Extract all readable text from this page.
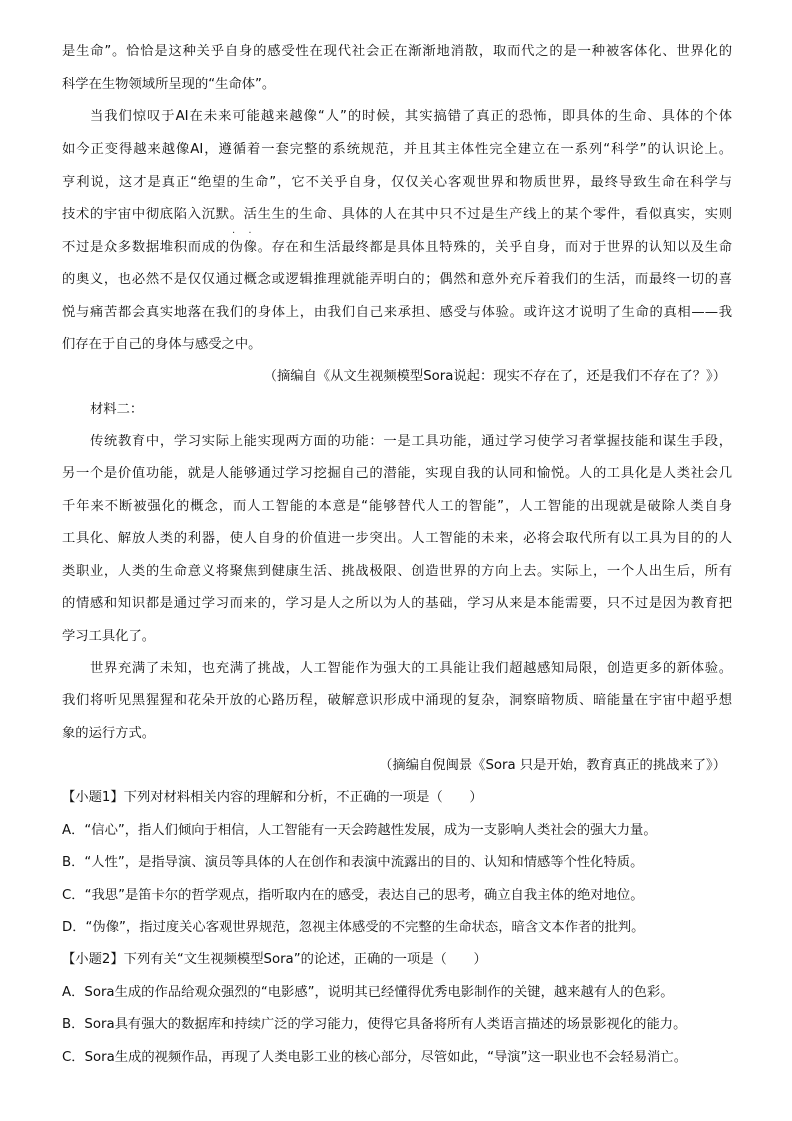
是生命”。恰恰是这种关乎自身的感受性在现代社会正在渐渐地消散，取而代之的是一种被客体化、世界化的
科学在生物领域所呈现的“生命体”。
当我们惊叹于AI在未来可能越来越像“人”的时候，其实搞错了真正的恐怖，即具体的生命、具体的个体
如今正变得越来越像AI，遵循着一套完整的系统规范，并且其主体性完全建立在一系列“科学”的认识论上。
亨利说，这才是真正“绝望的生命”，它不关乎自身，仅仅关心客观世界和物质世界，最终导致生命在科学与
技术的宇宙中彻底陷入沉默。活生生的生命、具体的人在其中只不过是生产线上的某个零件，看似真实，实则
· ·
不过是众多数据堆积而成的伪像。存在和生活最终都是具体且特殊的，关乎自身，而对于世界的认知以及生命
的奥义，也必然不是仅仅通过概念或逻辑推理就能弄明白的；偶然和意外充斥着我们的生活，而最终一切的喜
悦与痛苦都会真实地落在我们的身体上，由我们自己来承担、感受与体验。或许这才说明了生命的真相——我
们存在于自己的身体与感受之中。
（摘编自《从文生视频模型Sora说起：现实不存在了，还是我们不存在了？》）
材料二：
传统教育中，学习实际上能实现两方面的功能：一是工具功能，通过学习使学习者掌握技能和谋生手段，
另一个是价值功能，就是人能够通过学习挖掘自己的潜能，实现自我的认同和愉悦。人的工具化是人类社会几
千年来不断被强化的概念，而人工智能的本意是“能够替代人工的智能”，人工智能的出现就是破除人类自身
工具化、解放人类的利器，使人自身的价值进一步突出。人工智能的未来，必将会取代所有以工具为目的的人
类职业，人类的生命意义将聚焦到健康生活、挑战极限、创造世界的方向上去。实际上，一个人出生后，所有
的情感和知识都是通过学习而来的，学习是人之所以为人的基础，学习从来是本能需要，只不过是因为教育把
学习工具化了。
世界充满了未知，也充满了挑战，人工智能作为强大的工具能让我们超越感知局限，创造更多的新体验。
我们将听见黑猩猩和花朵开放的心路历程，破解意识形成中涌现的复杂，洞察暗物质、暗能量在宇宙中超乎想
象的运行方式。
（摘编自倪闽景《Sora 只是开始，教育真正的挑战来了》）
【小题1】下列对材料相关内容的理解和分析，不正确的一项是（　　）
A．“信心”，指人们倾向于相信，人工智能有一天会跨越性发展，成为一支影响人类社会的强大力量。
B．“人性”，是指导演、演员等具体的人在创作和表演中流露出的目的、认知和情感等个性化特质。
C．“我思”是笛卡尔的哲学观点，指听取内在的感受，表达自己的思考，确立自我主体的绝对地位。
D．“伪像”，指过度关心客观世界规范，忽视主体感受的不完整的生命状态，暗含文本作者的批判。
【小题2】下列有关“文生视频模型Sora”的论述，正确的一项是（　　）
A．Sora生成的作品给观众强烈的“电影感”，说明其已经懂得优秀电影制作的关键，越来越有人的色彩。
B．Sora具有强大的数据库和持续广泛的学习能力，使得它具备将所有人类语言描述的场景影视化的能力。
C．Sora生成的视频作品，再现了人类电影工业的核心部分，尽管如此，“导演”这一职业也不会轻易消亡。
